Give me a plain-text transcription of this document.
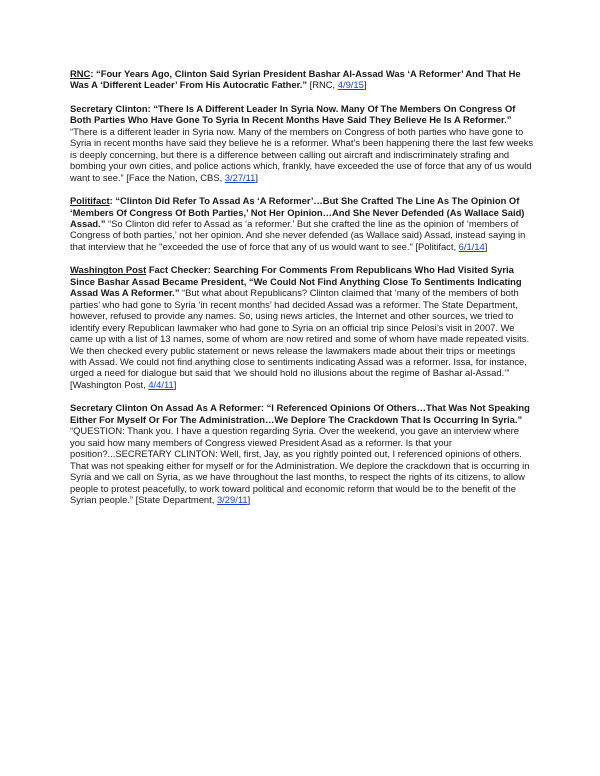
RNC: “Four Years Ago, Clinton Said Syrian President Bashar Al-Assad Was ‘A Reformer’ And That He Was A ‘Different Leader’ From His Autocratic Father.” [RNC, 4/9/15]

Secretary Clinton: “There Is A Different Leader In Syria Now. Many Of The Members On Congress Of Both Parties Who Have Gone To Syria In Recent Months Have Said They Believe He Is A Reformer.” “There is a different leader in Syria now. Many of the members on Congress of both parties who have gone to Syria in recent months have said they believe he is a reformer. What’s been happening there the last few weeks is deeply concerning, but there is a difference between calling out aircraft and indiscriminately strafing and bombing your own cities, and police actions which, frankly, have exceeded the use of force that any of us would want to see.” [Face the Nation, CBS, 3/27/11]

Politifact: “Clinton Did Refer To Assad As ‘A Reformer’…But She Crafted The Line As The Opinion Of ‘Members Of Congress Of Both Parties,’ Not Her Opinion…And She Never Defended (As Wallace Said) Assad.” “So Clinton did refer to Assad as ‘a reformer.’ But she crafted the line as the opinion of ‘members of Congress of both parties,’ not her opinion. And she never defended (as Wallace said) Assad, instead saying in that interview that he "exceeded the use of force that any of us would want to see." [Politifact, 6/1/14]

Washington Post Fact Checker: Searching For Comments From Republicans Who Had Visited Syria Since Bashar Assad Became President, “We Could Not Find Anything Close To Sentiments Indicating Assad Was A Reformer.” “But what about Republicans? Clinton claimed that ‘many of the members of both parties’ who had gone to Syria ‘in recent months’ had decided Assad was a reformer. The State Department, however, refused to provide any names. So, using news articles, the Internet and other sources, we tried to identify every Republican lawmaker who had gone to Syria on an official trip since Pelosi’s visit in 2007. We came up with a list of 13 names, some of whom are now retired and some of whom have made repeated visits. We then checked every public statement or news release the lawmakers made about their trips or meetings with Assad. We could not find anything close to sentiments indicating Assad was a reformer. Issa, for instance, urged a need for dialogue but said that ‘we should hold no illusions about the regime of Bashar al-Assad.’” [Washington Post, 4/4/11]

Secretary Clinton On Assad As A Reformer: “I Referenced Opinions Of Others…That Was Not Speaking Either For Myself Or For The Administration…We Deplore The Crackdown That Is Occurring In Syria.” “QUESTION: Thank you. I have a question regarding Syria. Over the weekend, you gave an interview where you said how many members of Congress viewed President Asad as a reformer. Is that your position?...SECRETARY CLINTON: Well, first, Jay, as you rightly pointed out, I referenced opinions of others. That was not speaking either for myself or for the Administration. We deplore the crackdown that is occurring in Syria and we call on Syria, as we have throughout the last months, to respect the rights of its citizens, to allow people to protest peacefully, to work toward political and economic reform that would be to the benefit of the Syrian people.” [State Department, 3/29/11]
